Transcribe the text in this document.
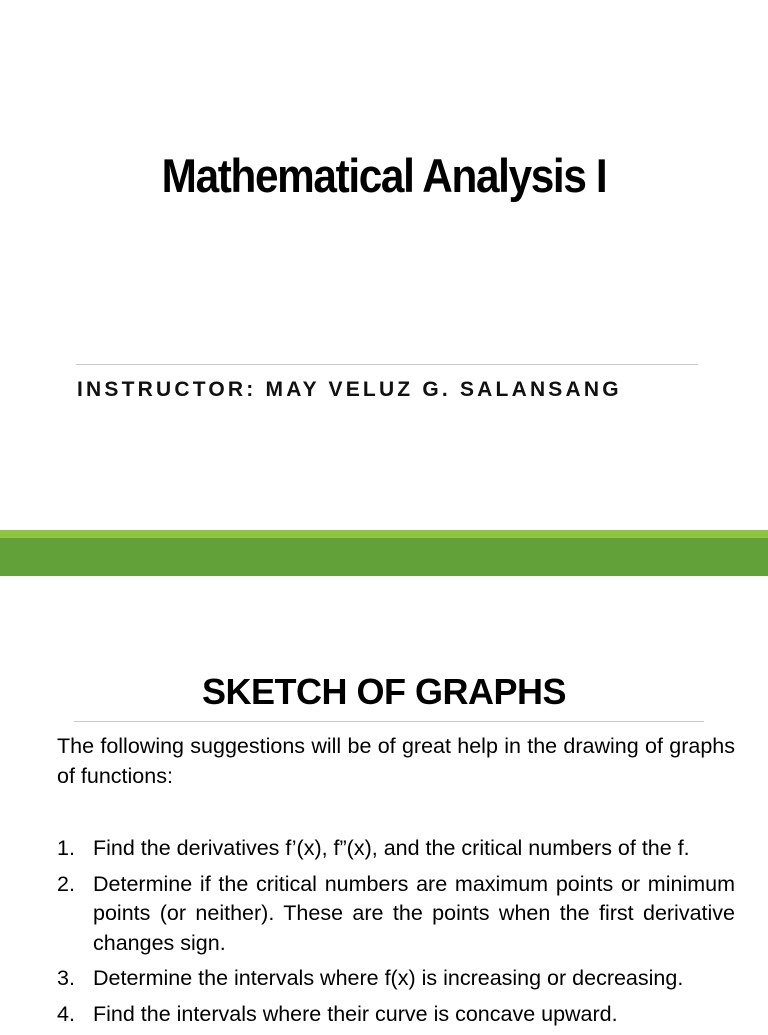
Mathematical Analysis I
INSTRUCTOR: MAY VELUZ G. SALANSANG
SKETCH OF GRAPHS
The following suggestions will be of great help in the drawing of graphs of functions:
1. Find the derivatives f’(x), f”(x), and the critical numbers of the f.
2. Determine if the critical numbers are maximum points or minimum points (or neither). These are the points when the first derivative changes sign.
3. Determine the intervals where f(x) is increasing or decreasing.
4. Find the intervals where their curve is concave upward.
